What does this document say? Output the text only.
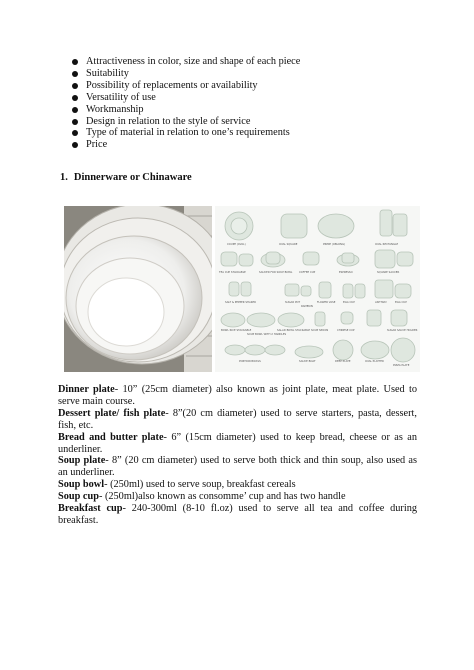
Attractiveness in color, size and shape of each piece
Suitability
Possibility of replacements or availability
Versatility of use
Workmanship
Design in relation to the style of service
Type of material in relation to one’s requirements
Price
1. Dinnerware or Chinaware
COUPE (OVAL)	OVAL SQUARE	PRIME (OBLONG)	OVAL RECTANGLE
TEA CUP STACKABLE	SAUCER FOR SOUP BOWL	COFFEE CUP	ESPRESSO	SQUARE SAUCER
SALT & PEPPER SHAKER	SUGAR POT
RAMEKIN
FLOWER VASE	EGG CUP	ASHTRAY	EGG CUP
BOWL RICE STACKABLE
SOUP BOWL WITH 2 HANDLES
SALAD BOWL STACKABLE SOUP SPOON	CHINESE CUP	SUGAR SAUCE HOLDER
PORTION BOWLS	SAUCE BOAT	DEEP PLATE	OVAL PLATTER
PIZZA PLATE

Dinner plate- 10” (25cm diameter) also known as joint plate, meat plate. Used to serve main course.

Dessert plate/ fish plate- 8”(20 cm diameter) used to serve starters, pasta, dessert, fish, etc.

Bread and butter plate- 6” (15cm diameter) used to keep bread, cheese or as an underliner.

Soup plate- 8” (20 cm diameter) used to serve both thick and thin soup, also used as an underliner.

Soup bowl- (250ml) used to serve soup, breakfast cereals

Soup cup- (250ml)also known as consomme’ cup and has two handle

Breakfast cup- 240-300ml (8-10 fl.oz) used to serve all tea and coffee during breakfast.
